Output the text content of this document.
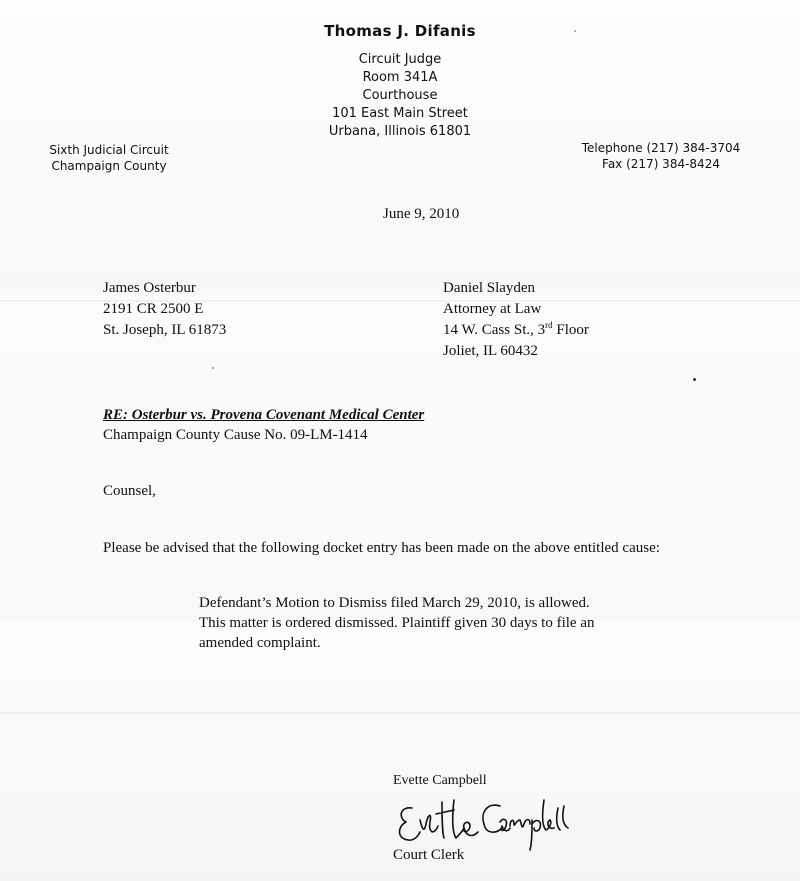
Thomas J. Difanis
Circuit Judge
Room 341A
Courthouse
101 East Main Street
Urbana, Illinois 61801
Sixth Judicial Circuit
Champaign County
Telephone (217) 384-3704
Fax (217) 384-8424
June 9, 2010
James Osterbur
2191 CR 2500 E
St. Joseph, IL 61873
Daniel Slayden
Attorney at Law
14 W. Cass St., 3rd Floor
Joliet, IL 60432
RE: Osterbur vs. Provena Covenant Medical Center
Champaign County Cause No. 09-LM-1414
Counsel,
Please be advised that the following docket entry has been made on the above entitled cause:
Defendant’s Motion to Dismiss filed March 29, 2010, is allowed.
This matter is ordered dismissed. Plaintiff given 30 days to file an
amended complaint.
Evette Campbell
Court Clerk
